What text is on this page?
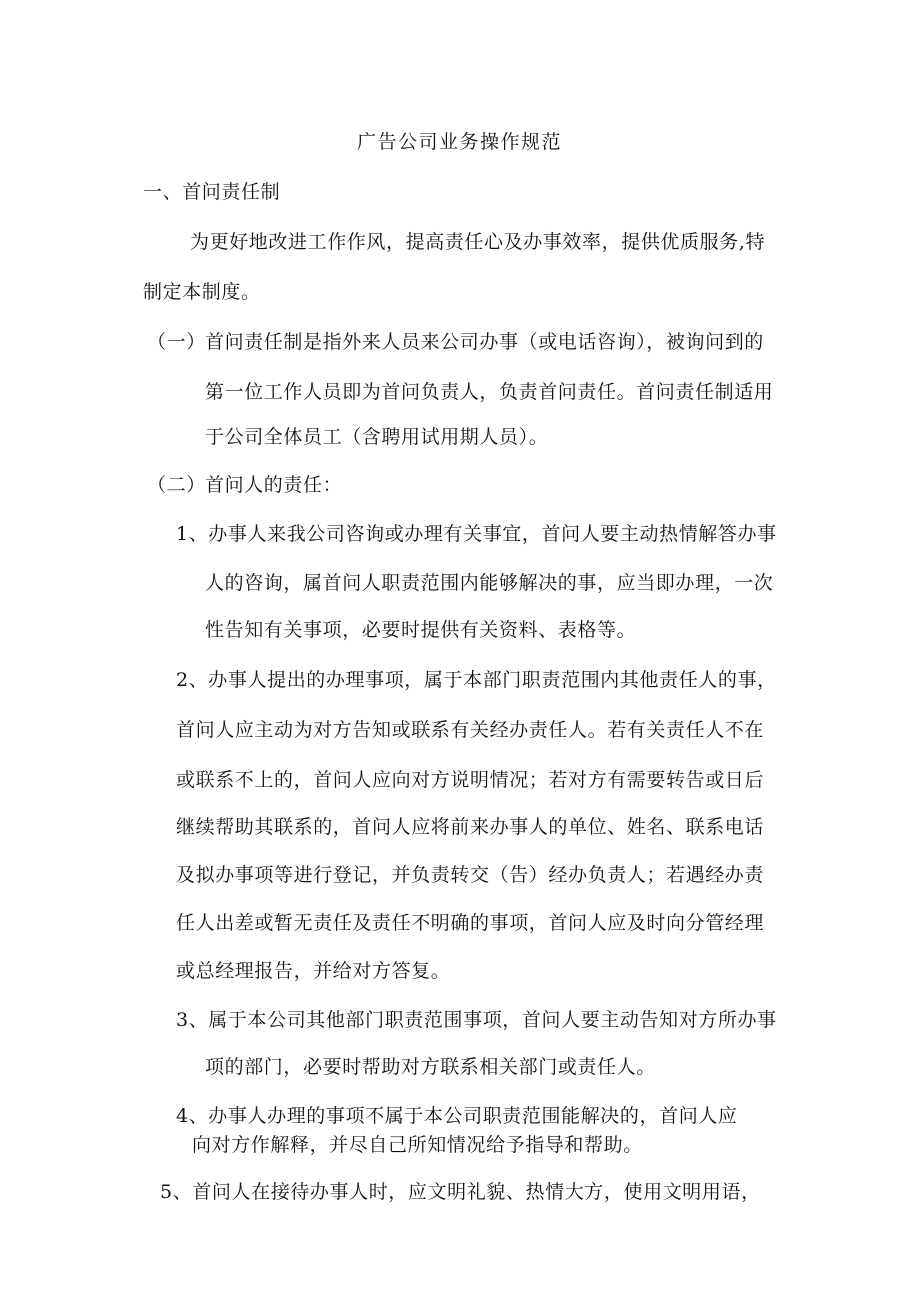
广告公司业务操作规范
一、首问责任制
为更好地改进工作作风，提高责任心及办事效率，提供优质服务,特
制定本制度。
（一） 首问责任制是指外来人员来公司办事（或电话咨询），被询问到的
第一位工作人员即为首问负责人，负责首问责任。首问责任制适用
于公司全体员工（含聘用试用期人员）。
（二） 首问人的责任：
1、办事人来我公司咨询或办理有关事宜，首问人要主动热情解答办事
人的咨询，属首问人职责范围内能够解决的事，应当即办理，一次
性告知有关事项，必要时提供有关资料、表格等。
2、办事人提出的办理事项，属于本部门职责范围内其他责任人的事，
首问人应主动为对方告知或联系有关经办责任人。若有关责任人不在
或联系不上的，首问人应向对方说明情况；若对方有需要转告或日后
继续帮助其联系的，首问人应将前来办事人的单位、姓名、联系电话
及拟办事项等进行登记，并负责转交（告）经办负责人；若遇经办责
任人出差或暂无责任及责任不明确的事项，首问人应及时向分管经理
或总经理报告，并给对方答复。
3、属于本公司其他部门职责范围事项，首问人要主动告知对方所办事
项的部门，必要时帮助对方联系相关部门或责任人。
4、办事人办理的事项不属于本公司职责范围能解决的，首问人应
向对方作解释，并尽自己所知情况给予指导和帮助。
5、首问人在接待办事人时，应文明礼貌、热情大方，使用文明用语，
